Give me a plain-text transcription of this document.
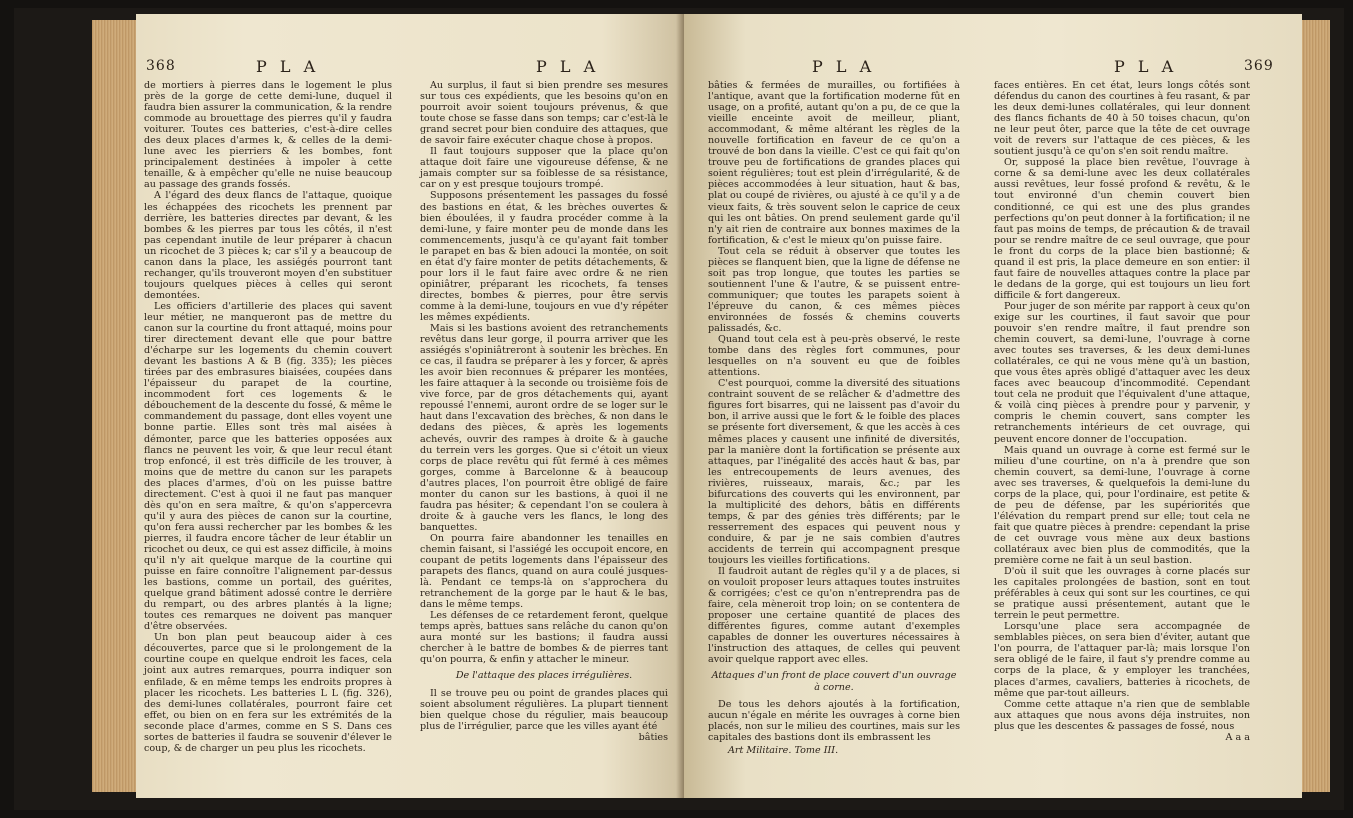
368	P L A	P L A

de mortiers à pierres dans le logement le plus près de la gorge de cette demi-lune, duquel il faudra bien assurer la communication, & la rendre commode au brouettage des pierres qu'il y faudra voiturer. Toutes ces batteries, c'est-à-dire celles des deux places d'armes k, & celles de la demi-lune avec les pierriers & les bombes, font principalement destinées à impoler à cette tenaille, & à empêcher qu'elle ne nuise beaucoup au passage des grands fossés.

A l'égard des deux flancs de l'attaque, quoique les échappées des ricochets les prennent par derrière, les batteries directes par devant, & les bombes & les pierres par tous les côtés, il n'est pas cependant inutile de leur préparer à chacun un ricochet de 3 pièces k; car s'il y a beaucoup de canon dans la place, les assiégés pourront tant rechanger, qu'ils trouveront moyen d'en substituer toujours quelques pièces à celles qui seront demontées.

Les officiers d'artillerie des places qui savent leur métier, ne manqueront pas de mettre du canon sur la courtine du front attaqué, moins pour tirer directement devant elle que pour battre d'écharpe sur les logements du chemin couvert devant les bastions A & B (fig. 335); les pièces tirées par des embrasures biaisées, coupées dans l'épaisseur du parapet de la courtine, incommodent fort ces logements & le débouchement de la descente du fossé, & même le commandement du passage, dont elles voyent une bonne partie. Elles sont très mal aisées à démonter, parce que les batteries opposées aux flancs ne peuvent les voir, & que leur recul étant trop enfoncé, il est très difficile de les trouver, à moins que de mettre du canon sur les parapets des places d'armes, d'où on les puisse battre directement. C'est à quoi il ne faut pas manquer dès qu'on en sera maître, & qu'on s'appercevra qu'il y aura des pièces de canon sur la courtine, qu'on fera aussi rechercher par les bombes & les pierres, il faudra encore tâcher de leur établir un ricochet ou deux, ce qui est assez difficile, à moins qu'il n'y ait quelque marque de la courtine qui puisse en faire connoître l'alignement par-dessus les bastions, comme un portail, des guérites, quelque grand bâtiment adossé contre le derrière du rempart, ou des arbres plantés à la ligne; toutes ces remarques ne doivent pas manquer d'être observées.

Un bon plan peut beaucoup aider à ces découvertes, parce que si le prolongement de la courtine coupe en quelque endroit les faces, cela joint aux autres remarques, pourra indiquer son enfilade, & en même temps les endroits propres à placer les ricochets. Les batteries L L (fig. 326), des demi-lunes collatérales, pourront faire cet effet, ou bien on en fera sur les extrémités de la seconde place d'armes, comme en S S. Dans ces sortes de batteries il faudra se souvenir d'élever le coup, & de charger un peu plus les ricochets.

Au surplus, il faut si bien prendre ses mesures sur tous ces expédients, que les besoins qu'on en pourroit avoir soient toujours prévenus, & que toute chose se fasse dans son temps; car c'est-là le grand secret pour bien conduire des attaques, que de savoir faire exécuter chaque chose à propos.

Il faut toujours supposer que la place qu'on attaque doit faire une vigoureuse défense, & ne jamais compter sur sa foiblesse de sa résistance, car on y est presque toujours trompé.

Supposons présentement les passages du fossé des bastions en état, & les brèches ouvertes & bien éboulées, il y faudra procéder comme à la demi-lune, y faire monter peu de monde dans les commencements, jusqu'à ce qu'ayant fait tomber le parapet en bas & bien adouci la montée, on soit en état d'y faire monter de petits détachements, & pour lors il le faut faire avec ordre & ne rien opiniâtrer, préparant les ricochets, fa tenses directes, bombes & pierres, pour être servis comme à la demi-lune, toujours en vue d'y répéter les mêmes expédients.

Mais si les bastions avoient des retranchements revêtus dans leur gorge, il pourra arriver que les assiégés s'opiniâtreront à soutenir les brèches. En ce cas, il faudra se préparer à les y forcer, & après les avoir bien reconnues & préparer les montées, les faire attaquer à la seconde ou troisième fois de vive force, par de gros détachements qui, ayant repoussé l'ennemi, auront ordre de se loger sur le haut dans l'excavation des brèches, & non dans le dedans des pièces, & après les logements achevés, ouvrir des rampes à droite & à gauche du terrein vers les gorges. Que si c'étoit un vieux corps de place revêtu qui fût fermé à ces mêmes gorges, comme à Barcelonne & à beaucoup d'autres places, l'on pourroit être obligé de faire monter du canon sur les bastions, à quoi il ne faudra pas hésiter; & cependant l'on se coulera à droite & à gauche vers les flancs, le long des banquettes.

On pourra faire abandonner les tenailles en chemin faisant, si l'assiégé les occupoit encore, en coupant de petits logements dans l'épaisseur des parapets des flancs, quand on aura coulé jusques-là. Pendant ce temps-là on s'approchera du retranchement de la gorge par le haut & le bas, dans le même temps.

Les défenses de ce retardement feront, quelque temps après, battues sans relâche du canon qu'on aura monté sur les bastions; il faudra aussi chercher à le battre de bombes & de pierres tant qu'on pourra, & enfin y attacher le mineur.

De l'attaque des places irrégulières.

Il se trouve peu ou point de grandes places qui soient absolument régulières. La plupart tiennent bien quelque chose du régulier, mais beaucoup plus de l'irrégulier, parce que les villes ayant été

bâties

P L A	P L A	369

bâties & fermées de murailles, ou fortifiées à l'antique, avant que la fortification moderne fût en usage, on a profité, autant qu'on a pu, de ce que la vieille enceinte avoit de meilleur, pliant, accommodant, & même altérant les règles de la nouvelle fortification en faveur de ce qu'on a trouvé de bon dans la vieille. C'est ce qui fait qu'on trouve peu de fortifications de grandes places qui soient régulières; tout est plein d'irrégularité, & de pièces accommodées à leur situation, haut & bas, plat ou coupé de rivières, ou ajusté à ce qu'il y a de vieux faits, & très souvent selon le caprice de ceux qui les ont bâties. On prend seulement garde qu'il n'y ait rien de contraire aux bonnes maximes de la fortification, & c'est le mieux qu'on puisse faire.

Tout cela se réduit à observer que toutes les pièces se flanquent bien, que la ligne de défense ne soit pas trop longue, que toutes les parties se soutiennent l'une & l'autre, & se puissent entre-communiquer; que toutes les parapets soient à l'épreuve du canon, & ces mêmes pièces environnées de fossés & chemins couverts palissadés, &c.

Quand tout cela est à peu-près observé, le reste tombe dans des règles fort communes, pour lesquelles on n'a souvent eu que de foibles attentions.

C'est pourquoi, comme la diversité des situations contraint souvent de se relâcher & d'admettre des figures fort bisarres, qui ne laissent pas d'avoir du bon, il arrive aussi que le fort & le foible des places se présente fort diversement, & que les accès à ces mêmes places y causent une infinité de diversités, par la manière dont la fortification se présente aux attaques, par l'inégalité des accès haut & bas, par les entrecoupements de leurs avenues, des rivières, ruisseaux, marais, &c.; par les bifurcations des couverts qui les environnent, par la multiplicité des dehors, bâtis en différents temps, & par des génies très différents; par le resserrement des espaces qui peuvent nous y conduire, & par je ne sais combien d'autres accidents de terrein qui accompagnent presque toujours les vieilles fortifications.

Il faudroit autant de règles qu'il y a de places, si on vouloit proposer leurs attaques toutes instruites & corrigées; c'est ce qu'on n'entreprendra pas de faire, cela mèneroit trop loin; on se contentera de proposer une certaine quantité de places des différentes figures, comme autant d'exemples capables de donner les ouvertures nécessaires à l'instruction des attaques, de celles qui peuvent avoir quelque rapport avec elles.

Attaques d'un front de place couvert d'un ouvrage à corne.

De tous les dehors ajoutés à la fortification, aucun n'égale en mérite les ouvrages à corne bien placés, non sur le milieu des courtines, mais sur les capitales des bastions dont ils embrassent les

Art Militaire. Tome III.

faces entières. En cet état, leurs longs côtés sont défendus du canon des courtines à feu rasant, & par les deux demi-lunes collatérales, qui leur donnent des flancs fichants de 40 à 50 toises chacun, qu'on ne leur peut ôter, parce que la tête de cet ouvrage voit de revers sur l'attaque de ces pièces, & les soutient jusqu'à ce qu'on s'en soit rendu maître.

Or, supposé la place bien revêtue, l'ouvrage à corne & sa demi-lune avec les deux collatérales aussi revêtues, leur fossé profond & revêtu, & le tout environné d'un chemin couvert bien conditionné, ce qui est une des plus grandes perfections qu'on peut donner à la fortification; il ne faut pas moins de temps, de précaution & de travail pour se rendre maître de ce seul ouvrage, que pour le front du corps de la place bien bastionné; & quand il est pris, la place demeure en son entier: il faut faire de nouvelles attaques contre la place par le dedans de la gorge, qui est toujours un lieu fort difficile & fort dangereux.

Pour juger de son mérite par rapport à ceux qu'on exige sur les courtines, il faut savoir que pour pouvoir s'en rendre maître, il faut prendre son chemin couvert, sa demi-lune, l'ouvrage à corne avec toutes ses traverses, & les deux demi-lunes collatérales, ce qui ne vous mène qu'à un bastion, que vous êtes après obligé d'attaquer avec les deux faces avec beaucoup d'incommodité. Cependant tout cela ne produit que l'équivalent d'une attaque, & voilà cinq pièces à prendre pour y parvenir, y compris le chemin couvert, sans compter les retranchements intérieurs de cet ouvrage, qui peuvent encore donner de l'occupation.

Mais quand un ouvrage à corne est fermé sur le milieu d'une courtine, on n'a à prendre que son chemin couvert, sa demi-lune, l'ouvrage à corne avec ses traverses, & quelquefois la demi-lune du corps de la place, qui, pour l'ordinaire, est petite & de peu de défense, par les supériorités que l'élévation du rempart prend sur elle; tout cela ne fait que quatre pièces à prendre: cependant la prise de cet ouvrage vous mène aux deux bastions collatéraux avec bien plus de commodités, que la première corne ne fait à un seul bastion.

D'où il suit que les ouvrages à corne placés sur les capitales prolongées de bastion, sont en tout préférables à ceux qui sont sur les courtines, ce qui se pratique aussi présentement, autant que le terrein le peut permettre.

Lorsqu'une place sera accompagnée de semblables pièces, on sera bien d'éviter, autant que l'on pourra, de l'attaquer par-là; mais lorsque l'on sera obligé de le faire, il faut s'y prendre comme au corps de la place, & y employer les tranchées, places d'armes, cavaliers, batteries à ricochets, de même que par-tout ailleurs.

Comme cette attaque n'a rien que de semblable aux attaques que nous avons déja instruites, non plus que les descentes & passages de fossé, nous

A a a
